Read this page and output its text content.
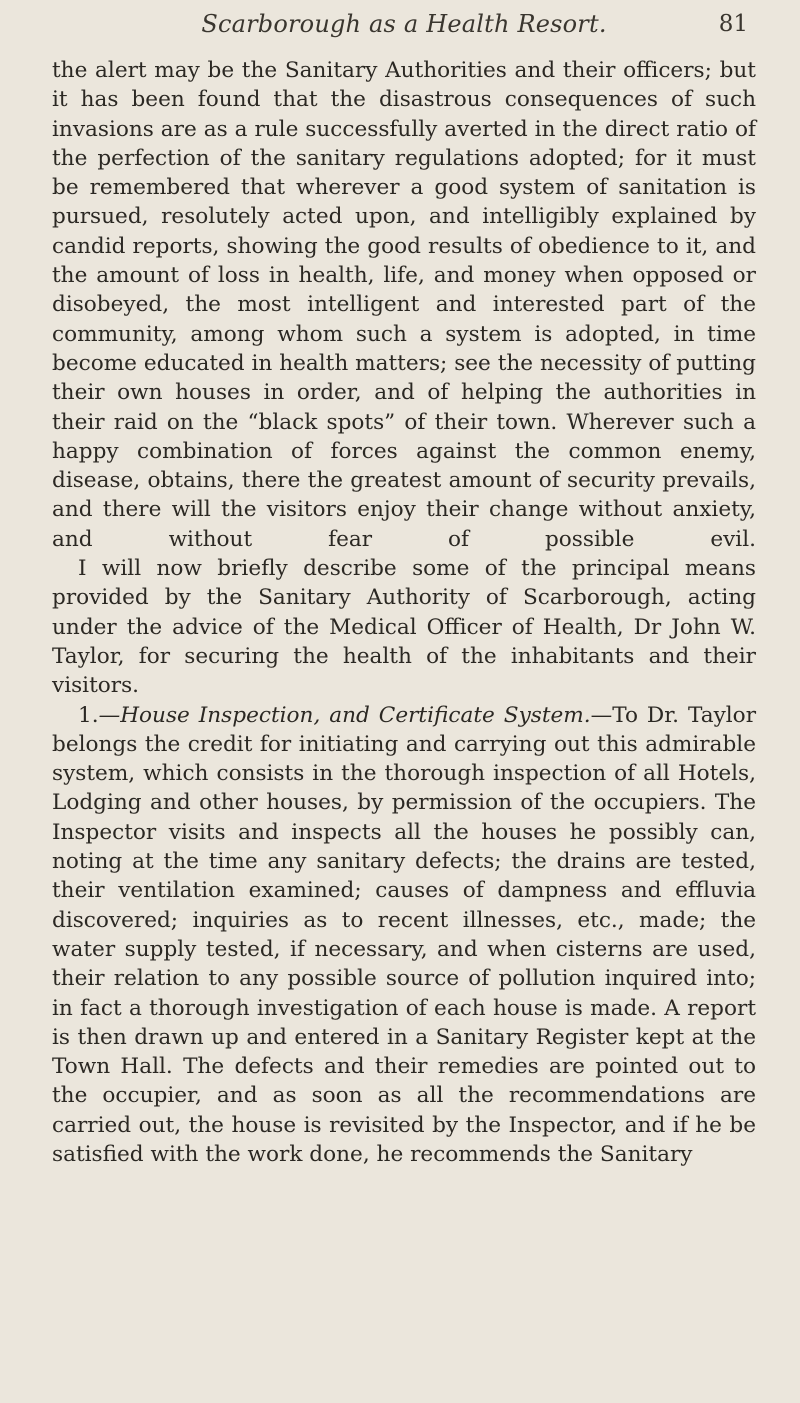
Scarborough as a Health Resort.	81

the alert may be the Sanitary Authorities and their officers; but it has been found that the disastrous consequences of such invasions are as a rule successfully averted in the direct ratio of the perfection of the sanitary regulations adopted; for it must be remembered that wherever a good system of sanitation is pursued, resolutely acted upon, and intelligibly explained by candid reports, showing the good results of obedience to it, and the amount of loss in health, life, and money when opposed or disobeyed, the most intelligent and interested part of the community, among whom such a system is adopted, in time become educated in health matters; see the necessity of putting their own houses in order, and of helping the authorities in their raid on the “black spots” of their town. Wherever such a happy combination of forces against the common enemy, disease, obtains, there the greatest amount of security prevails, and there will the visitors enjoy their change without anxiety, and without fear of possible evil.

I will now briefly describe some of the principal means provided by the Sanitary Authority of Scarborough, acting under the advice of the Medical Officer of Health, Dr John W. Taylor, for securing the health of the inhabitants and their visitors.

1.—House Inspection, and Certificate System.—To Dr. Taylor belongs the credit for initiating and carrying out this admirable system, which consists in the thorough inspection of all Hotels, Lodging and other houses, by permission of the occupiers. The Inspector visits and inspects all the houses he possibly can, noting at the time any sanitary defects; the drains are tested, their ventilation examined; causes of dampness and effluvia discovered; inquiries as to recent illnesses, etc., made; the water supply tested, if necessary, and when cisterns are used, their relation to any possible source of pollution inquired into; in fact a thorough investigation of each house is made. A report is then drawn up and entered in a Sanitary Register kept at the Town Hall. The defects and their remedies are pointed out to the occupier, and as soon as all the recommendations are carried out, the house is revisited by the Inspector, and if he be satisfied with the work done, he recommends the Sanitary
